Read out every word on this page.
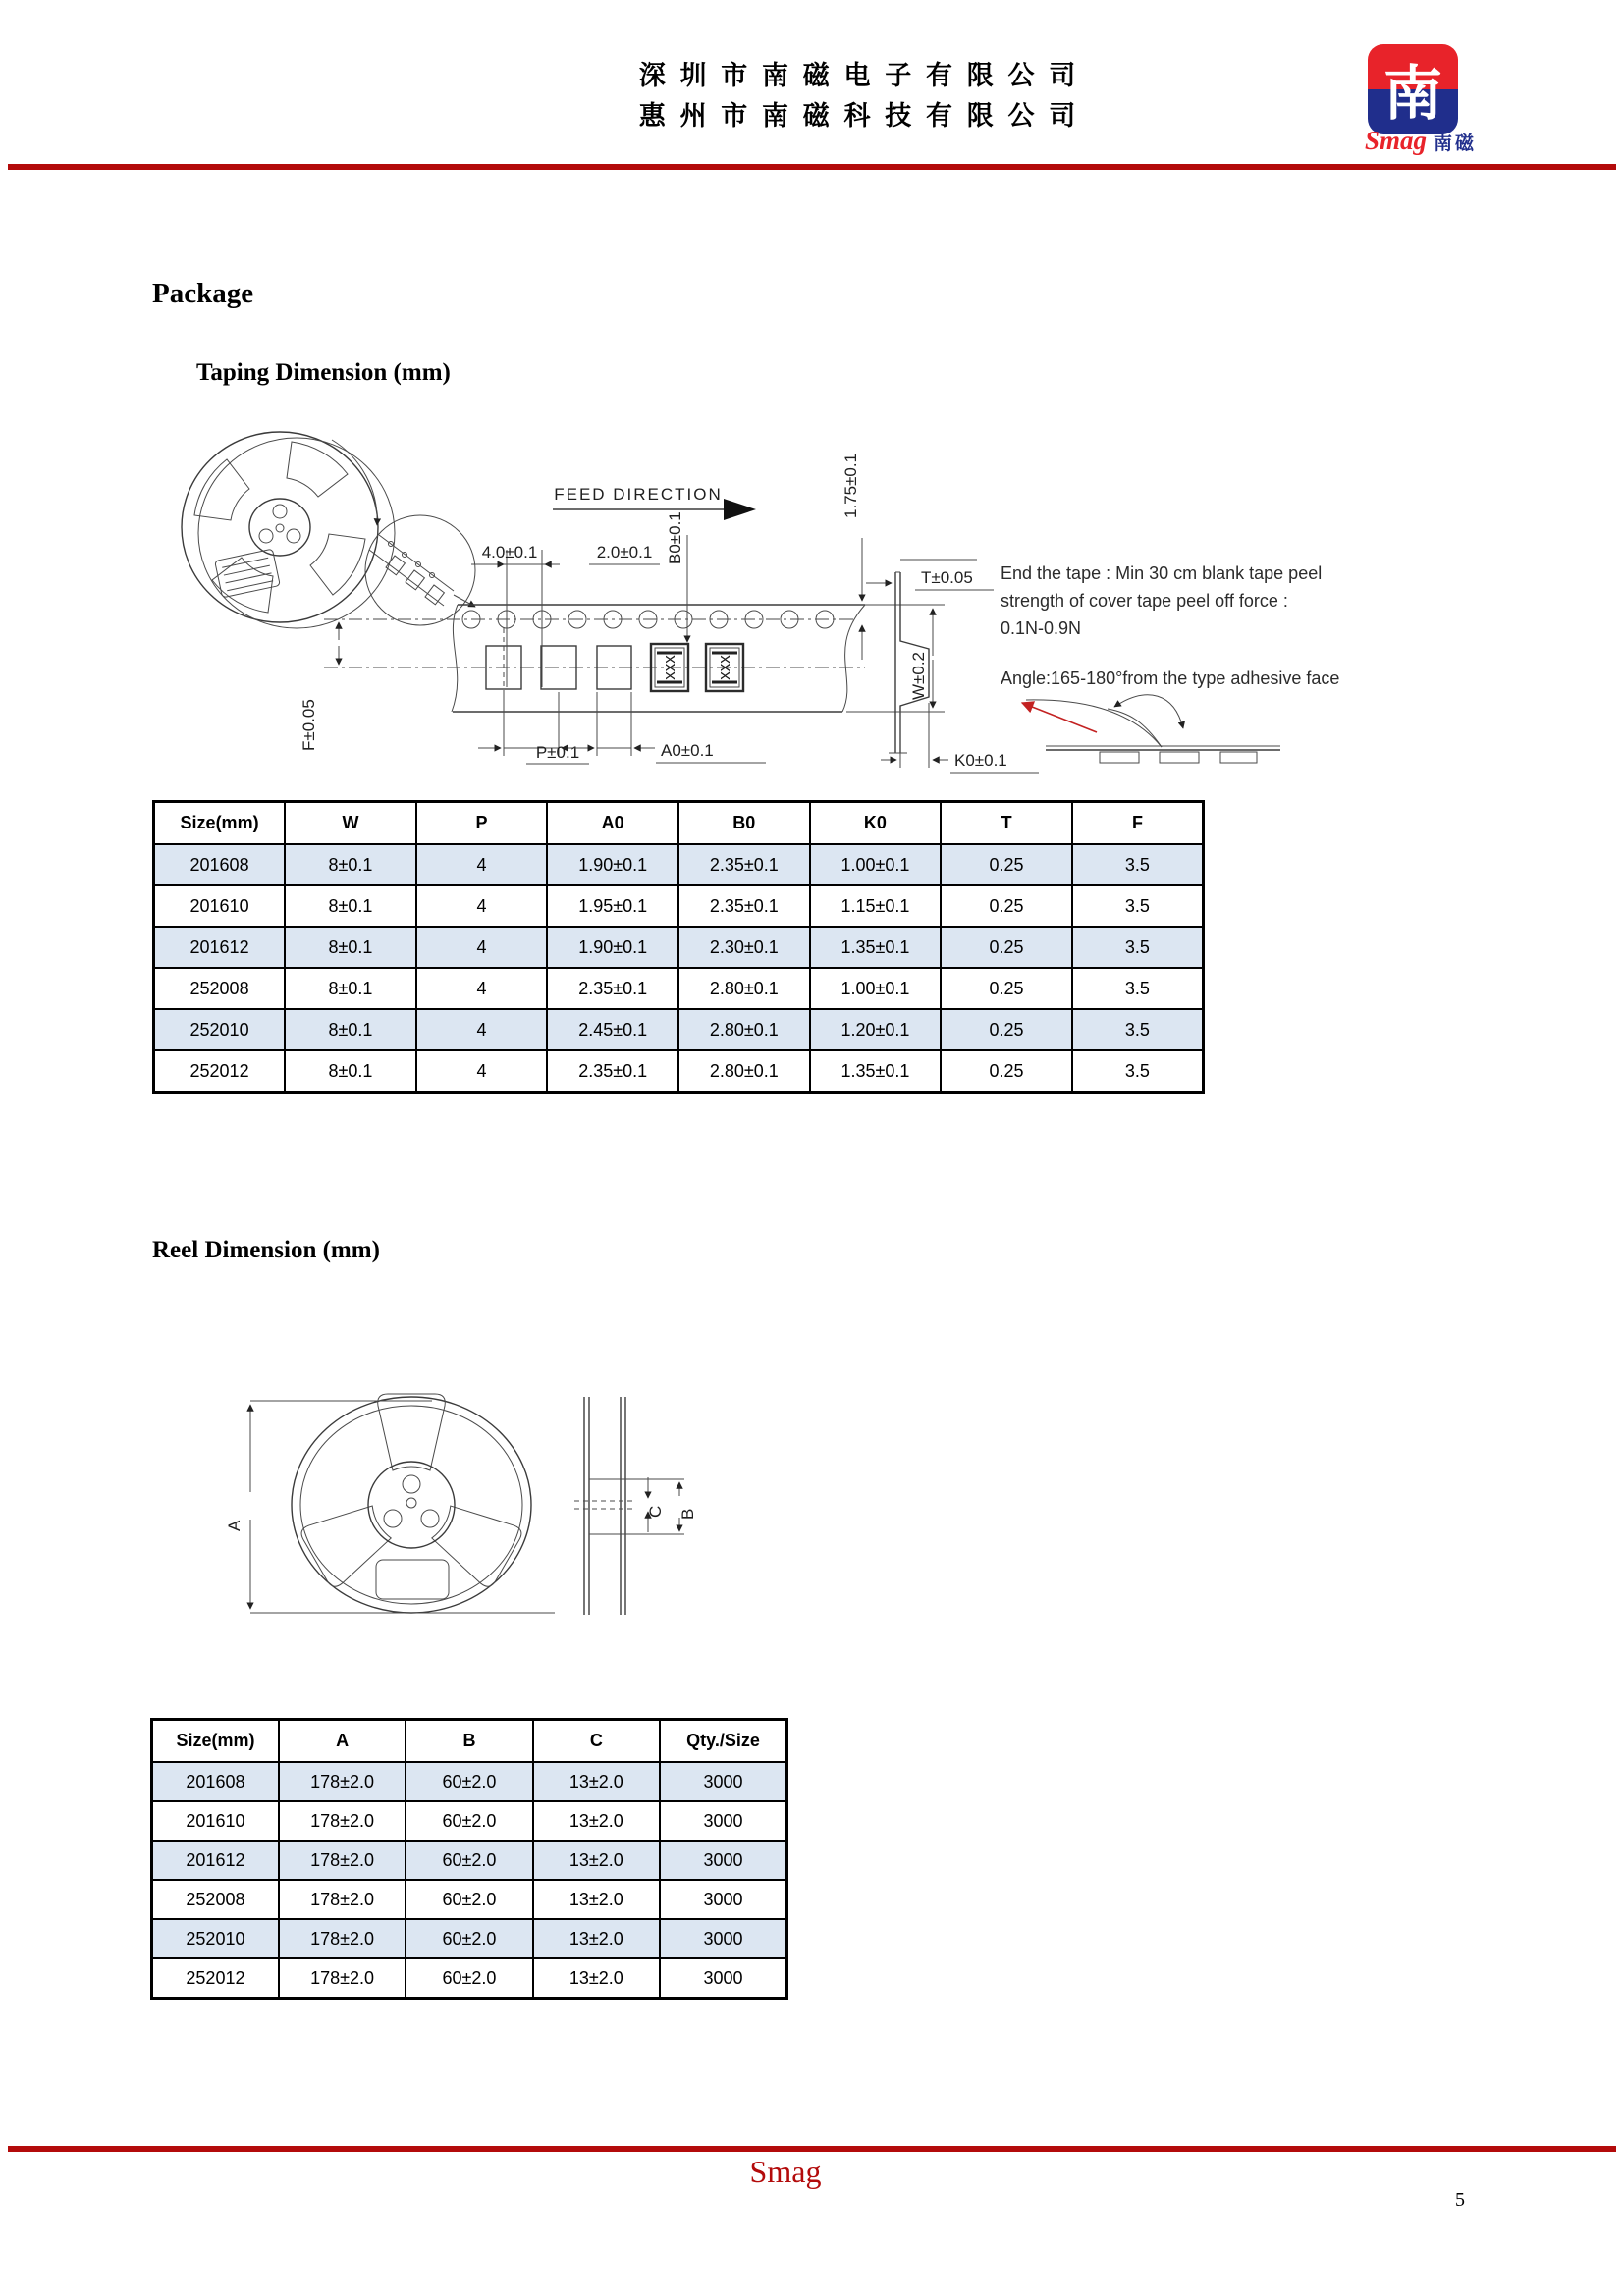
深 圳 市 南 磁 电 子 有 限 公 司
惠 州 市 南 磁 科 技 有 限 公 司	南
Smag 南磁
Package
Taping Dimension (mm)
FEED DIRECTION
xxx xxx
4.0±0.1	2.0±0.1 B0±0.1
1.75±0.1
W±0.2
F±0.05
P±0.1	A0±0.1
T±0.05
K0±0.1
End the tape : Min 30 cm blank tape peel
strength of cover tape peel off force :
0.1N-0.9N
Angle:165-180°from the type adhesive face
Size(mm)	W	P	A0	B0	K0	T	F
201608	8±0.1	4	1.90±0.1	2.35±0.1	1.00±0.1	0.25	3.5
201610	8±0.1	4	1.95±0.1	2.35±0.1	1.15±0.1	0.25	3.5
201612	8±0.1	4	1.90±0.1	2.30±0.1	1.35±0.1	0.25	3.5
252008	8±0.1	4	2.35±0.1	2.80±0.1	1.00±0.1	0.25	3.5
252010	8±0.1	4	2.45±0.1	2.80±0.1	1.20±0.1	0.25	3.5
252012	8±0.1	4	2.35±0.1	2.80±0.1	1.35±0.1	0.25	3.5
Reel Dimension (mm)
A
C B
Size(mm)	A	B	C	Qty./Size
201608	178±2.0	60±2.0	13±2.0	3000
201610	178±2.0	60±2.0	13±2.0	3000
201612	178±2.0	60±2.0	13±2.0	3000
252008	178±2.0	60±2.0	13±2.0	3000
252010	178±2.0	60±2.0	13±2.0	3000
252012	178±2.0	60±2.0	13±2.0	3000
Smag
5
